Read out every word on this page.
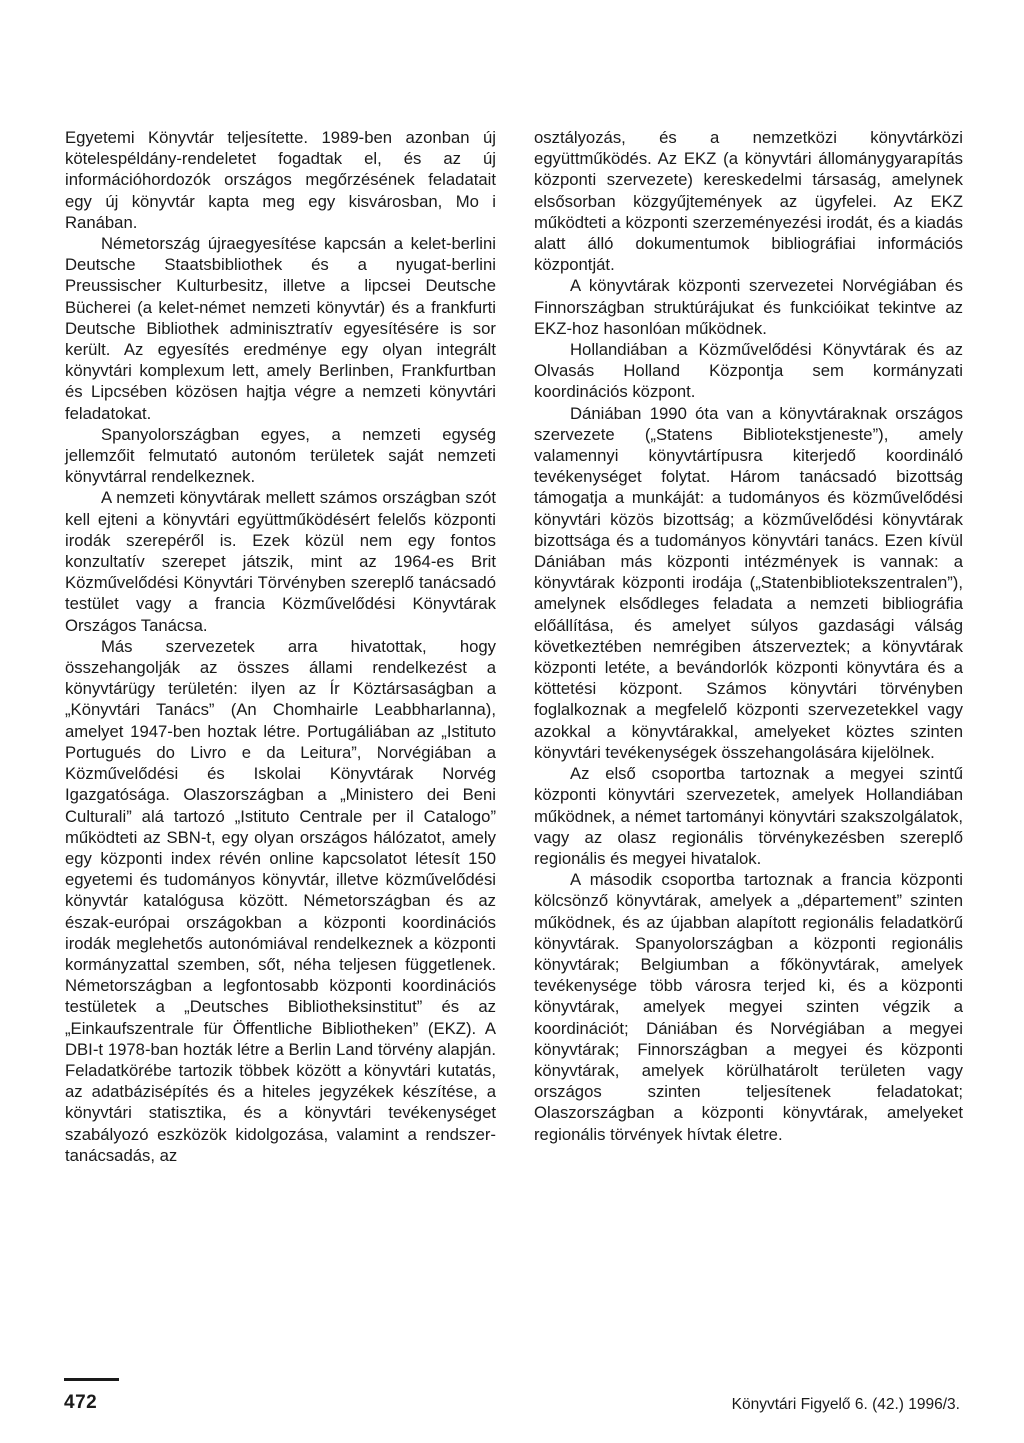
Egyetemi Könyvtár teljesítette. 1989-ben azonban új kötelespéldány-rendeletet fogadtak el, és az új információhordozók országos megőrzésének feladatait egy új könyvtár kapta meg egy kisvárosban, Mo i Ranában.

Németország újraegyesítése kapcsán a kelet-berlini Deutsche Staatsbibliothek és a nyugat-berlini Preussischer Kulturbesitz, illetve a lipcsei Deutsche Bücherei (a kelet-német nemzeti könyvtár) és a frankfurti Deutsche Bibliothek adminisztratív egyesítésére is sor került. Az egyesítés eredménye egy olyan integrált könyvtári komplexum lett, amely Berlinben, Frankfurtban és Lipcsében közösen hajtja végre a nemzeti könyvtári feladatokat.

Spanyolországban egyes, a nemzeti egység jellemzőit felmutató autonóm területek saját nemzeti könyvtárral rendelkeznek.

A nemzeti könyvtárak mellett számos országban szót kell ejteni a könyvtári együttműködésért felelős központi irodák szerepéről is. Ezek közül nem egy fontos konzultatív szerepet játszik, mint az 1964-es Brit Közművelődési Könyvtári Törvényben szereplő tanácsadó testület vagy a francia Közművelődési Könyvtárak Országos Tanácsa.

Más szervezetek arra hivatottak, hogy összehangolják az összes állami rendelkezést a könyvtárügy területén: ilyen az Ír Köztársaságban a „Könyvtári Tanács” (An Chomhairle Leabbharlanna), amelyet 1947-ben hoztak létre. Portugáliában az „Istituto Portugués do Livro e da Leitura”, Norvégiában a Közművelődési és Iskolai Könyvtárak Norvég Igazgatósága. Olaszországban a „Ministero dei Beni Culturali” alá tartozó „Istituto Centrale per il Catalogo” működteti az SBN-t, egy olyan országos hálózatot, amely egy központi index révén online kapcsolatot létesít 150 egyetemi és tudományos könyvtár, illetve közművelődési könyvtár katalógusa között. Németországban és az észak-európai országokban a központi koordinációs irodák meglehetős autonómiával rendelkeznek a központi kormányzattal szemben, sőt, néha teljesen függetlenek. Németországban a legfontosabb központi koordinációs testületek a „Deutsches Bibliotheksinstitut” és az „Einkaufszentrale für Öffentliche Bibliotheken” (EKZ). A DBI-t 1978-ban hozták létre a Berlin Land törvény alapján. Feladatkörébe tartozik többek között a könyvtári kutatás, az adatbázisépítés és a hiteles jegyzékek készítése, a könyvtári statisztika, és a könyvtári tevékenységet szabályozó eszközök kidolgozása, valamint a rendszer-tanácsadás, az

osztályozás, és a nemzetközi könyvtárközi együttműködés. Az EKZ (a könyvtári állománygyarapítás központi szervezete) kereskedelmi társaság, amelynek elsősorban közgyűjtemények az ügyfelei. Az EKZ működteti a központi szerzeményezési irodát, és a kiadás alatt álló dokumentumok bibliográfiai információs központját.

A könyvtárak központi szervezetei Norvégiában és Finnországban struktúrájukat és funkcióikat tekintve az EKZ-hoz hasonlóan működnek.

Hollandiában a Közművelődési Könyvtárak és az Olvasás Holland Központja sem kormányzati koordinációs központ.

Dániában 1990 óta van a könyvtáraknak országos szervezete („Statens Bibliotekstjeneste”), amely valamennyi könyvtártípusra kiterjedő koordináló tevékenységet folytat. Három tanácsadó bizottság támogatja a munkáját: a tudományos és közművelődési könyvtári közös bizottság; a közművelődési könyvtárak bizottsága és a tudományos könyvtári tanács. Ezen kívül Dániában más központi intézmények is vannak: a könyvtárak központi irodája („Statenbibliotekszentralen”), amelynek elsődleges feladata a nemzeti bibliográfia előállítása, és amelyet súlyos gazdasági válság következtében nemrégiben átszerveztek; a könyvtárak központi letéte, a bevándorlók központi könyvtára és a köttetési központ. Számos könyvtári törvényben foglalkoznak a megfelelő központi szervezetekkel vagy azokkal a könyvtárakkal, amelyeket köztes szinten könyvtári tevékenységek összehangolására kijelölnek.

Az első csoportba tartoznak a megyei szintű központi könyvtári szervezetek, amelyek Hollandiában működnek, a német tartományi könyvtári szakszolgálatok, vagy az olasz regionális törvénykezésben szereplő regionális és megyei hivatalok.

A második csoportba tartoznak a francia központi kölcsönző könyvtárak, amelyek a „département” szinten működnek, és az újabban alapított regionális feladatkörű könyvtárak. Spanyolországban a központi regionális könyvtárak; Belgiumban a főkönyvtárak, amelyek tevékenysége több városra terjed ki, és a központi könyvtárak, amelyek megyei szinten végzik a koordinációt; Dániában és Norvégiában a megyei könyvtárak; Finnországban a megyei és központi könyvtárak, amelyek körülhatárolt területen vagy országos szinten teljesítenek feladatokat; Olaszországban a központi könyvtárak, amelyeket regionális törvények hívtak életre.

472	Könyvtári Figyelő 6. (42.) 1996/3.
